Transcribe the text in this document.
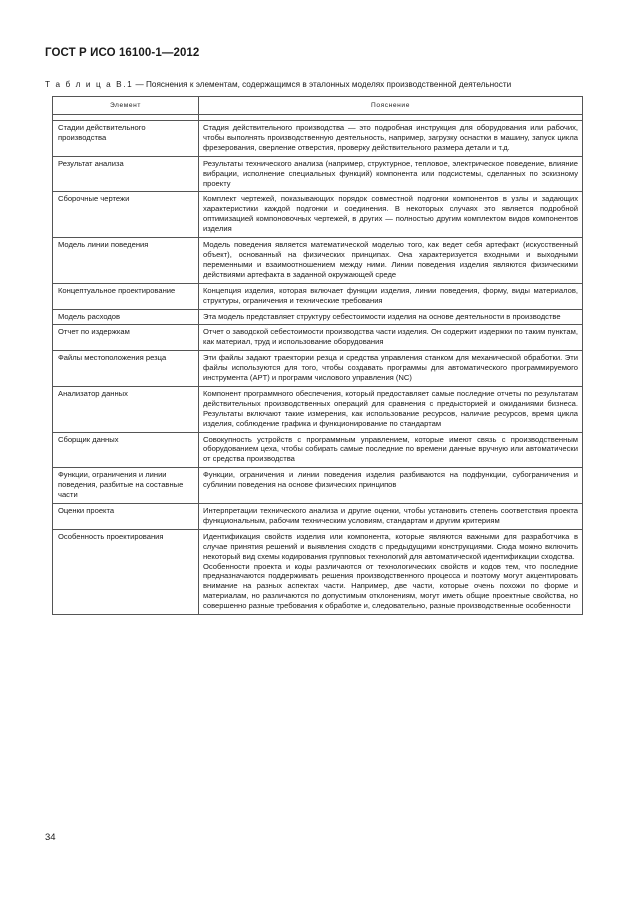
ГОСТ Р ИСО 16100-1—2012
Т а б л и ц а В.1 — Пояснения к элементам, содержащимся в эталонных моделях производственной деятельности
Элемент	Пояснение

Стадии действительного производства	Стадия действительного производства — это подробная инструкция для оборудования или рабочих, чтобы выполнять производственную деятельность, например, загрузку оснастки в машину, запуск цикла фрезерования, сверление отверстия, проверку действительного размера детали и т.д.
Результат анализа	Результаты технического анализа (например, структурное, тепловое, электрическое поведение, влияние вибрации, исполнение специальных функций) компонента или подсистемы, сделанных по эскизному проекту
Сборочные чертежи	Комплект чертежей, показывающих порядок совместной подгонки компонентов в узлы и задающих характеристики каждой подгонки и соединения. В некоторых случаях это является подробной оптимизацией компоновочных чертежей, в других — полностью другим комплектом видов компонентов изделия
Модель линии поведения	Модель поведения является математической моделью того, как ведет себя артефакт (искусственный объект), основанный на физических принципах. Она характеризуется входными и выходными переменными и взаимоотношением между ними. Линии поведения изделия являются физическими действиями артефакта в заданной окружающей среде
Концептуальное проектирование	Концепция изделия, которая включает функции изделия, линии поведения, форму, виды материалов, структуры, ограничения и технические требования
Модель расходов	Эта модель представляет структуру себестоимости изделия на основе деятельности в производстве
Отчет по издержкам	Отчет о заводской себестоимости производства части изделия. Он содержит издержки по таким пунктам, как материал, труд и использование оборудования
Файлы местоположения резца	Эти файлы задают траектории резца и средства управления станком для механической обработки. Эти файлы используются для того, чтобы создавать программы для автоматического программируемого инструмента (APT) и программ числового управления (NC)
Анализатор данных	Компонент программного обеспечения, который предоставляет самые последние отчеты по результатам действительных производственных операций для сравнения с предысторией и ожиданиями бизнеса. Результаты включают такие измерения, как использование ресурсов, наличие ресурсов, время цикла изделия, соблюдение графика и функционирование по стандартам
Сборщик данных	Совокупность устройств с программным управлением, которые имеют связь с производственным оборудованием цеха, чтобы собирать самые последние по времени данные вручную или автоматически от средства производства
Функции, ограничения и линии поведения, разбитые на составные части	Функции, ограничения и линии поведения изделия разбиваются на подфункции, субограничения и сублинии поведения на основе физических принципов
Оценки проекта	Интерпретации технического анализа и другие оценки, чтобы установить степень соответствия проекта функциональным, рабочим техническим условиям, стандартам и другим критериям
Особенность проектирования	Идентификация свойств изделия или компонента, которые являются важными для разработчика в случае принятия решений и выявления сходств с предыдущими конструкциями. Сюда можно включить некоторый вид схемы кодирования групповых технологий для автоматической идентификации сходства.
Особенности проекта и коды различаются от технологических свойств и кодов тем, что последние предназначаются поддерживать решения производственного процесса и поэтому могут акцентировать внимание на разных аспектах части. Например, две части, которые очень похожи по форме и материалам, но различаются по допустимым отклонениям, могут иметь общие проектные свойства, но совершенно разные требования к обработке и, следовательно, разные производственные особенности
34
